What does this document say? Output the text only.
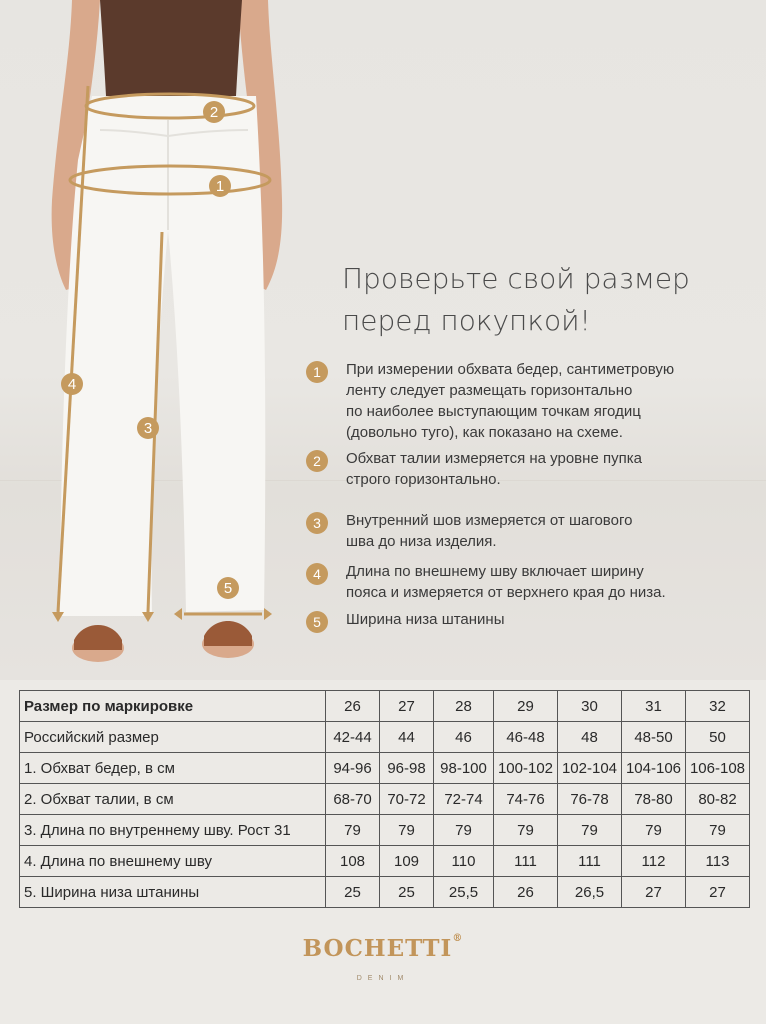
1
2
3
4
5
Проверьте свой размер
перед покупкой!
1	При измерении обхвата бедер, сантиметровую
ленту следует размещать горизонтально
по наиболее выступающим точкам ягодиц
(довольно туго), как показано на схеме.
2	Обхват талии измеряется на уровне пупка
строго горизонтально.
3	Внутренний шов измеряется от шагового
шва до низа изделия.
4	Длина по внешнему шву включает ширину
пояса и измеряется от верхнего края до низа.
5	Ширина низа штанины
Размер по маркировке	26	27	28	29	30	31	32
Российский размер	42-44	44	46	46-48	48	48-50	50
1. Обхват бедер, в см	94-96	96-98	98-100	100-102	102-104	104-106	106-108
2. Обхват талии, в см	68-70	70-72	72-74	74-76	76-78	78-80	80-82
3. Длина по внутреннему шву. Рост 31	79	79	79	79	79	79	79
4. Длина по внешнему шву	108	109	110	111	111	112	113
5. Ширина низа штанины	25	25	25,5	26	26,5	27	27
BOCHETTI®
DENIM
